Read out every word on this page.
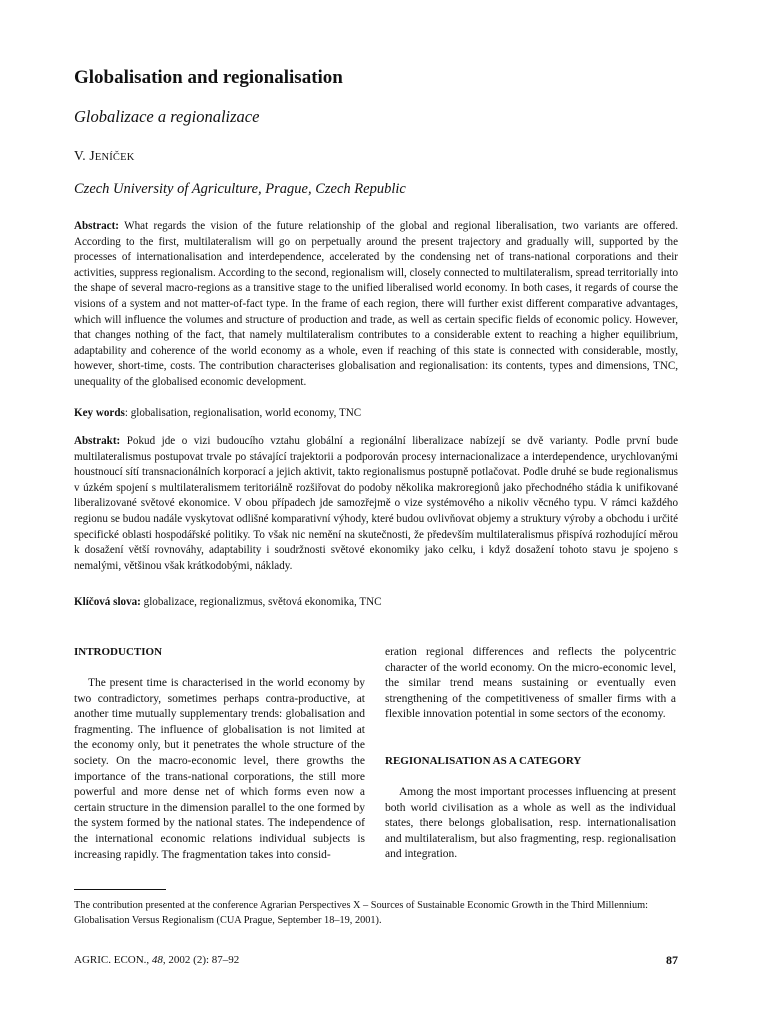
Globalisation and regionalisation

Globalizace a regionalizace

V. JENÍČEK

Czech University of Agriculture, Prague, Czech Republic

Abstract: What regards the vision of the future relationship of the global and regional liberalisation, two variants are offered. According to the first, multilateralism will go on perpetually around the present trajectory and gradually will, supported by the processes of internationalisation and interdependence, accelerated by the condensing net of trans-national corporations and their activities, suppress regionalism. According to the second, regionalism will, closely connected to multilateralism, spread territorially into the shape of several macro-regions as a transitive stage to the unified liberalised world economy. In both cases, it regards of course the visions of a system and not matter-of-fact type. In the frame of each region, there will further exist different comparative advantages, which will influence the volumes and structure of production and trade, as well as certain specific fields of economic policy. However, that changes nothing of the fact, that namely multilateralism contributes to a considerable extent to reaching a higher equilibrium, adaptability and coherence of the world economy as a whole, even if reaching of this state is connected with considerable, mostly, however, short-time, costs. The contribution characterises globalisation and regionalisation: its contents, types and dimensions, TNC, unequality of the globalised economic development.

Key words: globalisation, regionalisation, world economy, TNC

Abstrakt: Pokud jde o vizi budoucího vztahu globální a regionální liberalizace nabízejí se dvě varianty. Podle první bude multilateralismus postupovat trvale po stávající trajektorii a podporován procesy internacionalizace a interdependence, urychlovanými houstnoucí sítí transnacionálních korporací a jejich aktivit, takto regionalismus postupně potlačovat. Podle druhé se bude regionalismus v úzkém spojení s multilateralismem teritoriálně rozšiřovat do podoby několika makroregionů jako přechodného stádia k unifikované liberalizované světové ekonomice. V obou případech jde samozřejmě o vize systémového a nikoliv věcného typu. V rámci každého regionu se budou nadále vyskytovat odlišné komparativní výhody, které budou ovlivňovat objemy a struktury výroby a obchodu i určité specifické oblasti hospodářské politiky. To však nic nemění na skutečnosti, že především multilateralismus přispívá rozhodující měrou k dosažení větší rovnováhy, adaptability i soudržnosti světové ekonomiky jako celku, i když dosažení tohoto stavu je spojeno s nemalými, většinou však krátkodobými, náklady.

Klíčová slova: globalizace, regionalizmus, světová ekonomika, TNC

INTRODUCTION

The present time is characterised in the world economy by two contradictory, sometimes perhaps contra-productive, at another time mutually supplementary trends: globalisation and fragmenting. The influence of globalisation is not limited at the economy only, but it penetrates the whole structure of the society. On the macro-economic level, there growths the importance of the trans-national corporations, the still more powerful and more dense net of which forms even now a certain structure in the dimension parallel to the one formed by the system formed by the national states. The independence of the international economic relations individual subjects is increasing rapidly. The fragmentation takes into consid-

eration regional differences and reflects the polycentric character of the world economy. On the micro-economic level, the similar trend means sustaining or eventually even strengthening of the competitiveness of smaller firms with a flexible innovation potential in some sectors of the economy.

REGIONALISATION AS A CATEGORY

Among the most important processes influencing at present both world civilisation as a whole as well as the individual states, there belongs globalisation, resp. internationalisation and multilateralism, but also fragmenting, resp. regionalisation and integration.

The contribution presented at the conference Agrarian Perspectives X – Sources of Sustainable Economic Growth in the Third Millennium: Globalisation Versus Regionalism (CUA Prague, September 18–19, 2001).

AGRIC. ECON., 48, 2002 (2): 87–92	87
